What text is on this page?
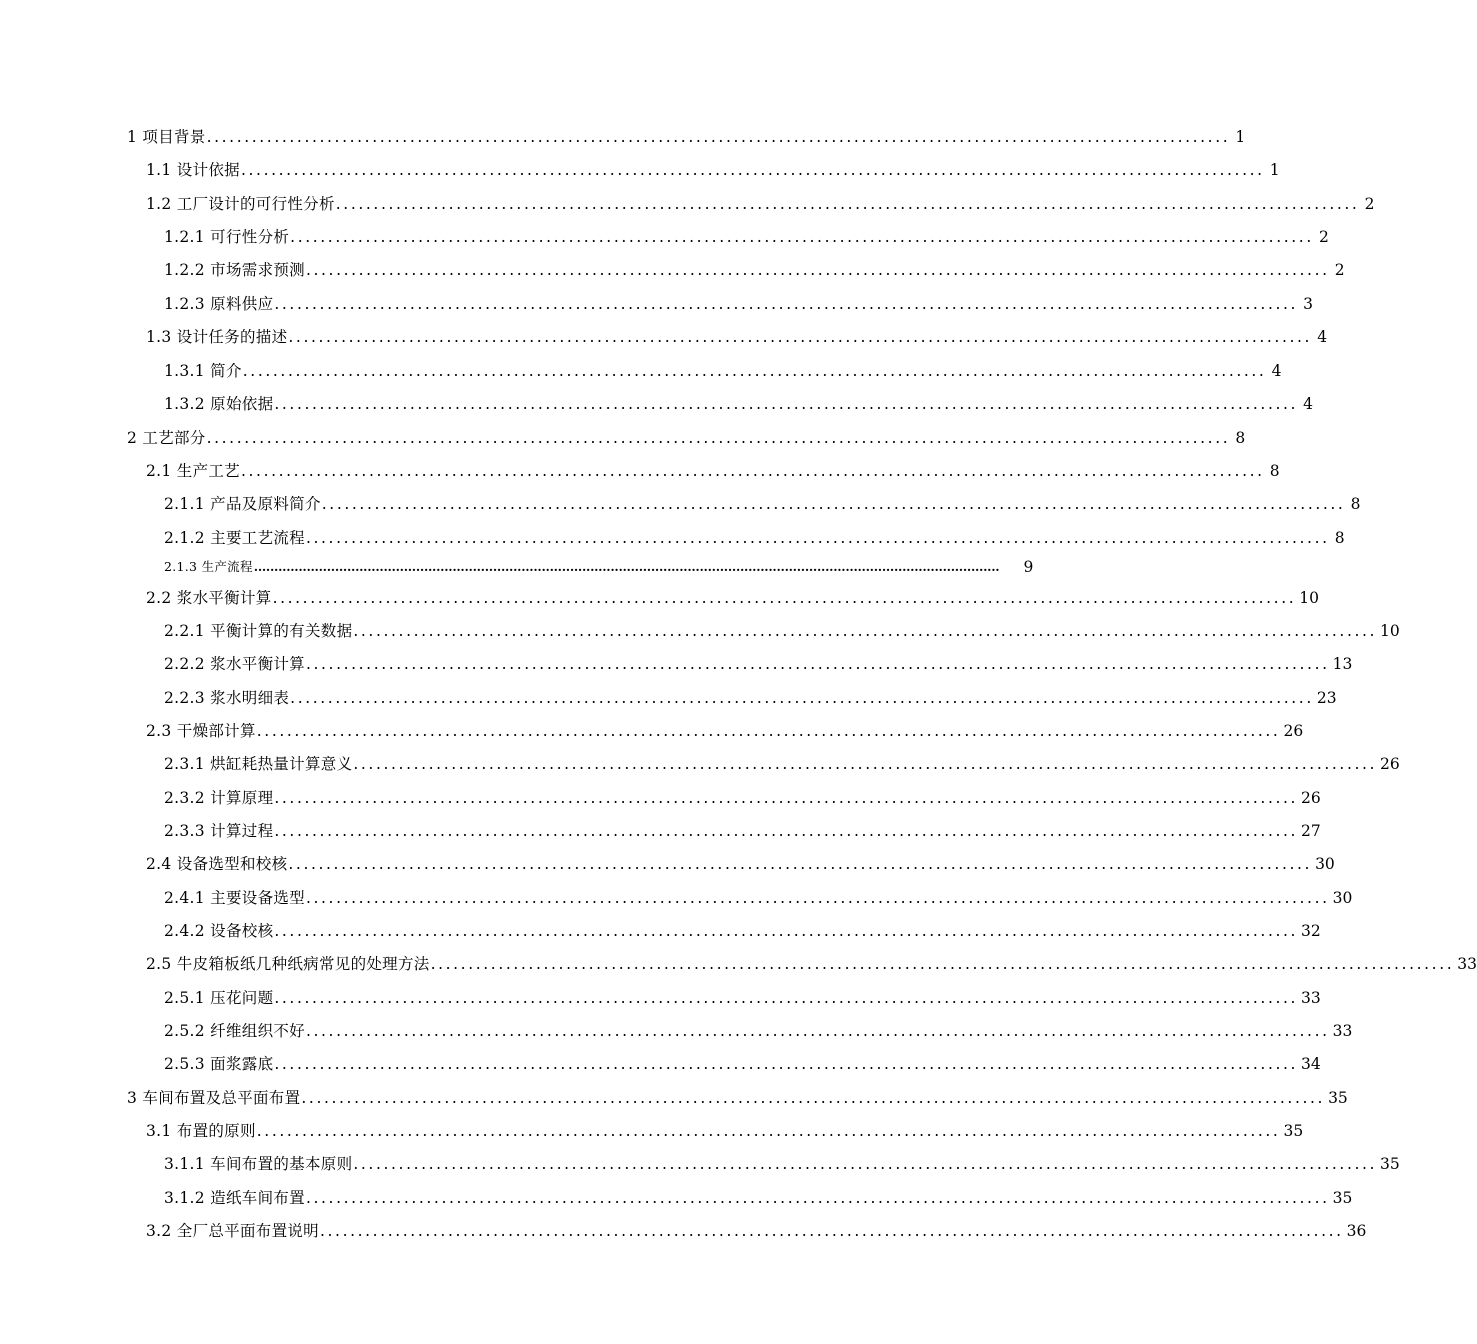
1 项目背景 ........................................................................................................................................ 1
1.1 设计依据 ........................................................................................................................................ 1
1.2 工厂设计的可行性分析 ........................................................................................................................................ 2
1.2.1 可行性分析 ........................................................................................................................................ 2
1.2.2 市场需求预测 ........................................................................................................................................ 2
1.2.3 原料供应 ........................................................................................................................................ 3
1.3 设计任务的描述 ........................................................................................................................................ 4
1.3.1 简介 ........................................................................................................................................ 4
1.3.2 原始依据 ........................................................................................................................................ 4
2 工艺部分 ........................................................................................................................................ 8
2.1 生产工艺 ........................................................................................................................................ 8
2.1.1 产品及原料简介 ........................................................................................................................................ 8
2.1.2 主要工艺流程 ........................................................................................................................................ 8
2.1.3 生产流程 ........................................................................................................................................................................................ 9
2.2 浆水平衡计算 ........................................................................................................................................ 10
2.2.1 平衡计算的有关数据 ........................................................................................................................................ 10
2.2.2 浆水平衡计算 ........................................................................................................................................ 13
2.2.3 浆水明细表 ........................................................................................................................................ 23
2.3 干燥部计算 ........................................................................................................................................ 26
2.3.1 烘缸耗热量计算意义 ........................................................................................................................................ 26
2.3.2 计算原理 ........................................................................................................................................ 26
2.3.3 计算过程 ........................................................................................................................................ 27
2.4 设备选型和校核 ........................................................................................................................................ 30
2.4.1 主要设备选型 ........................................................................................................................................ 30
2.4.2 设备校核 ........................................................................................................................................ 32
2.5 牛皮箱板纸几种纸病常见的处理方法 ........................................................................................................................................ 33
2.5.1 压花问题 ........................................................................................................................................ 33
2.5.2 纤维组织不好 ........................................................................................................................................ 33
2.5.3 面浆露底 ........................................................................................................................................ 34
3 车间布置及总平面布置 ........................................................................................................................................ 35
3.1 布置的原则 ........................................................................................................................................ 35
3.1.1 车间布置的基本原则 ........................................................................................................................................ 35
3.1.2 造纸车间布置 ........................................................................................................................................ 35
3.2 全厂总平面布置说明 ........................................................................................................................................ 36
